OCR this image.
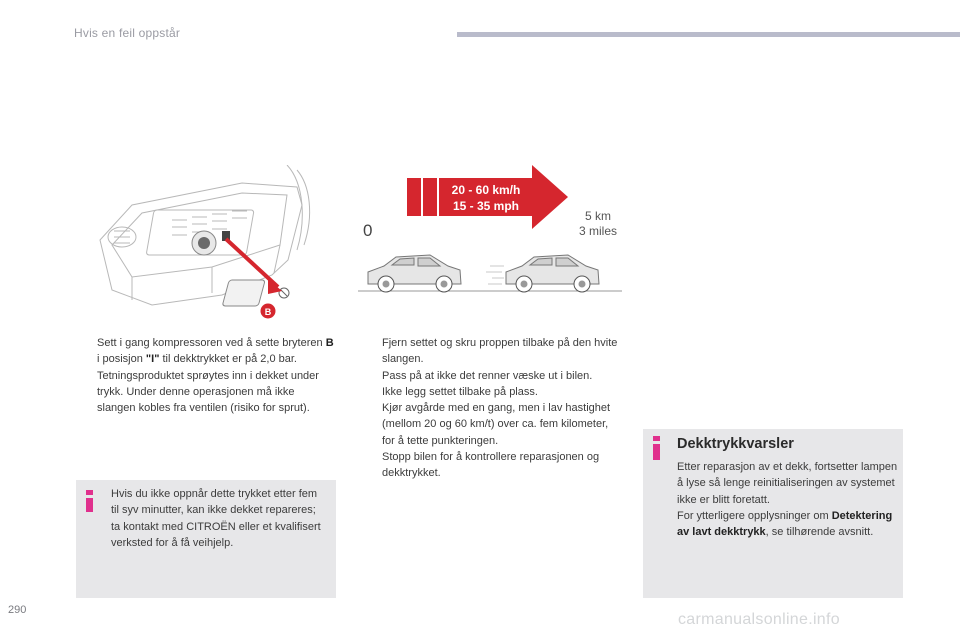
Hvis en feil oppstår
B
20 - 60 km/h
15 - 35 mph
0
5 km
3 miles
Sett i gang kompressoren ved å sette bryteren B i posisjon "I" til dekktrykket er på 2,0 bar.
Tetningsproduktet sprøytes inn i dekket under trykk. Under denne operasjonen må ikke slangen kobles fra ventilen (risiko for sprut).
Hvis du ikke oppnår dette trykket etter fem til syv minutter, kan ikke dekket repareres; ta kontakt med CITROËN eller et kvalifisert verksted for å få veihjelp.
Fjern settet og skru proppen tilbake på den hvite slangen.
Pass på at ikke det renner væske ut i bilen.
Ikke legg settet tilbake på plass.
Kjør avgårde med en gang, men i lav hastighet (mellom 20 og 60 km/t) over ca. fem kilometer, for å tette punkteringen.
Stopp bilen for å kontrollere reparasjonen og dekktrykket.
Dekktrykkvarsler
Etter reparasjon av et dekk, fortsetter lampen å lyse så lenge reinitialiseringen av systemet ikke er blitt foretatt.
For ytterligere opplysninger om Detektering av lavt dekktrykk, se tilhørende avsnitt.
290
carmanualsonline.info
